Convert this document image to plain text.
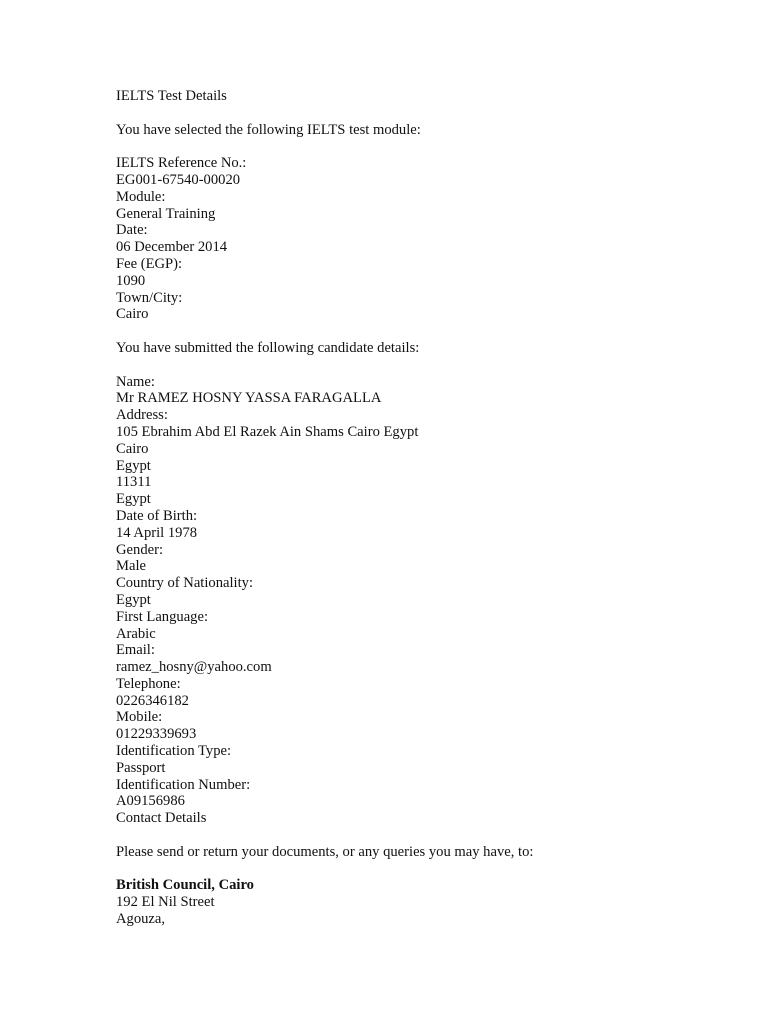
IELTS Test Details
You have selected the following IELTS test module:
IELTS Reference No.:
EG001-67540-00020
Module:
General Training
Date:
06 December 2014
Fee (EGP):
1090
Town/City:
Cairo
You have submitted the following candidate details:
Name:
Mr RAMEZ HOSNY YASSA FARAGALLA
Address:
105 Ebrahim Abd El Razek Ain Shams Cairo Egypt
Cairo
Egypt
11311
Egypt
Date of Birth:
14 April 1978
Gender:
Male
Country of Nationality:
Egypt
First Language:
Arabic
Email:
ramez_hosny@yahoo.com
Telephone:
0226346182
Mobile:
01229339693
Identification Type:
Passport
Identification Number:
A09156986
Contact Details
Please send or return your documents, or any queries you may have, to:
British Council, Cairo
192 El Nil Street
Agouza,
